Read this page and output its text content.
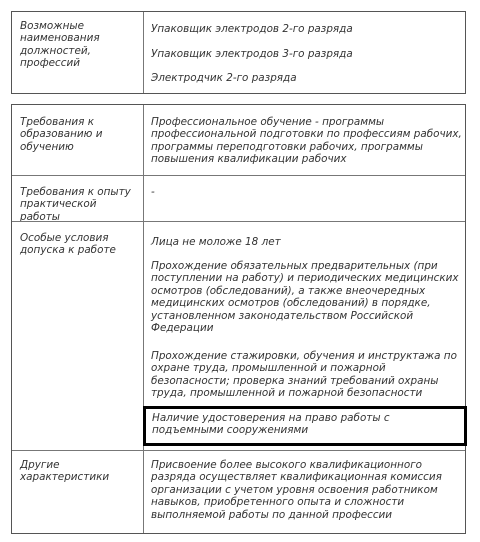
Возможные
наименования
должностей,
профессий
Упаковщик электродов 2-го разряда
Упаковщик электродов 3-го разряда
Электродчик 2-го разряда
Требования к
образованию и
обучению
Профессиональное обучение - программы
профессиональной подготовки по профессиям рабочих,
программы переподготовки рабочих, программы
повышения квалификации рабочих
Требования к опыту
практической работы
-
Особые условия
допуска к работе
Лица не моложе 18 лет
Прохождение обязательных предварительных (при
поступлении на работу) и периодических медицинских
осмотров (обследований), а также внеочередных
медицинских осмотров (обследований) в порядке,
установленном законодательством Российской
Федерации
Прохождение стажировки, обучения и инструктажа по
охране труда, промышленной и пожарной
безопасности; проверка знаний требований охраны
труда, промышленной и пожарной безопасности
Наличие удостоверения на право работы с
подъемными сооружениями
Другие
характеристики
Присвоение более высокого квалификационного
разряда осуществляет квалификационная комиссия
организации с учетом уровня освоения работником
навыков, приобретенного опыта и сложности
выполняемой работы по данной профессии
